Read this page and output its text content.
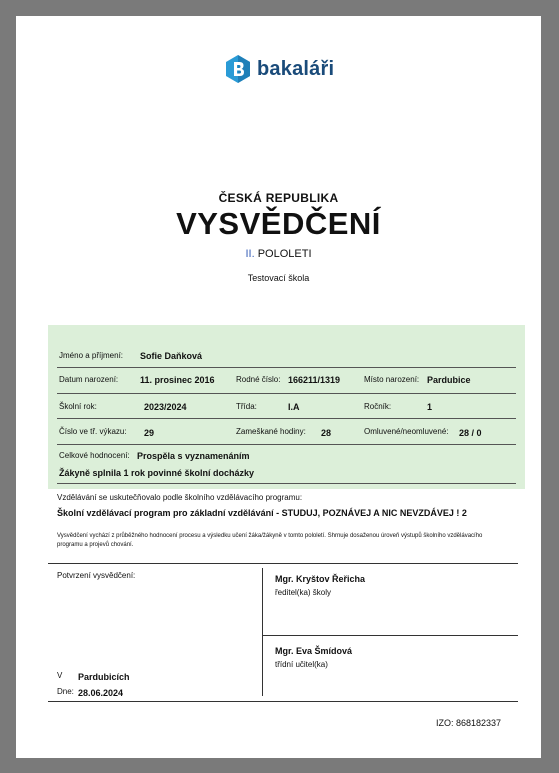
bakaláři
ČESKÁ REPUBLIKA
VYSVĚDČENÍ
II. POLOLETI
Testovací škola
Jméno a příjmení: Sofie Daňková
Datum narození: 11. prosinec 2016	Rodné číslo: 166211/1319	Místo narození: Pardubice
Školní rok:	2023/2024	Třída:	I.A	Ročník:	1
Číslo ve tř. výkazu: 29	Zameškané hodiny: 28	Omluvené/neomluvené: 28 / 0
Celkové hodnocení: Prospěla s vyznamenáním
Žákyně splnila 1 rok povinné školní docházky
Vzdělávání se uskutečňovalo podle školního vzdělávacího programu:
Školní vzdělávací program pro základní vzdělávání - STUDUJ, POZNÁVEJ A NIC NEVZDÁVEJ ! 2
Vysvědčení vychází z průběžného hodnocení procesu a výsledku učení žáka/žákyně v tomto pololetí. Shrnuje dosaženou úroveň výstupů školního vzdělávacího programu a projevů chování.
Potvrzení vysvědčení:
V Pardubicích
Dne: 28.06.2024
Mgr. Kryštov Řeřicha
ředitel(ka) školy
Mgr. Eva Šmídová
třídní učitel(ka)
IZO: 868182337
